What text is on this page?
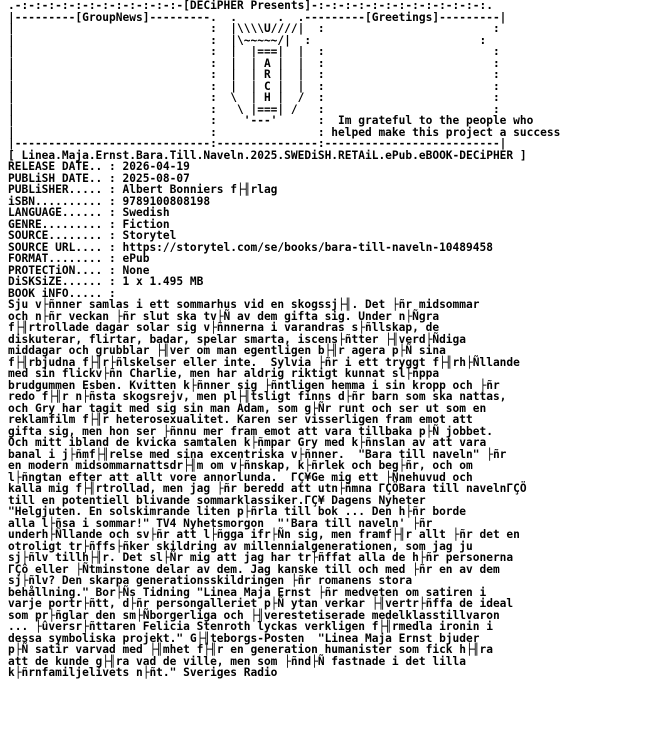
.-:-:-:-:-:-:-:-:-:-:-:-:-[DECiPHER Presents]-:-:-:-:-:-:-:-:-:-:-:-:-:.
|---------[GroupNews]---------.  .      .  .---------[Greetings]---------|
|                             :  |\\\\U////|  :                         :
|                             :  |\~~~~~/|  :                         :
|                             :  |  |===|  |  :                         :
|                             :  |  | A |  |  :                         :
|                             :  |  | R |  |  :                         :
|                             :  |  | C |  |  :                         :
|                             :  \  | H |  /  :                         :
|                             :   \ |===| /   :                         :
|                             :    '---'      :  Im grateful to the people who
|                             :               : helped make this project a success
|-----------------------------:---------------:--------------------------|
[ Linea.Maja.Ernst.Bara.Till.Naveln.2025.SWEDiSH.RETAiL.ePub.eBOOK-DECiPHER ]
RELEASE DATE.. : 2026-04-19
PUBLiSH DATE.. : 2025-08-07
PUBLiSHER..... : Albert Bonniers f├╢rlag
iSBN.......... : 9789100808198
LANGUAGE...... : Swedish
GENRE......... : Fiction
SOURCE........ : Storytel
SOURCE URL.... : https://storytel.com/se/books/bara-till-naveln-10489458
FORMAT........ : ePub
PROTECTiON.... : None
DiSKSiZE...... : 1 x 1.495 MB
BOOK iNFO..... :
Sju v├ñnner samlas i ett sommarhus vid en skogssj├╢. Det ├ñr midsommar
och n├ñr veckan ├ñr slut ska tv├Ñ av dem gifta sig. Under n├Ñgra
f├╢rtrollade dagar solar sig v├ñnnerna i varandras s├ñllskap, de
diskuterar, flirtar, badar, spelar smarta, iscens├ñtter ├╢verd├Ñdiga
middagar och grubblar ├╢ver om man egentligen b├╢r agera p├Ñ sina
f├╢rbjudna f├╢r├ñlskelser eller inte.  Sylvia ├ñr i ett tryggt f├╢rh├Ñllande
med sin flickv├ñn Charlie, men har aldrig riktigt kunnat sl├ñppa
brudgummen Esben. Kvitten k├ñnner sig ├ñntligen hemma i sin kropp och ├ñr
redo f├╢r n├ñsta skogsrejv, men pl├╢tsligt finns d├ñr barn som ska nattas,
och Gry har tagit med sig sin man Adam, som g├Ñr runt och ser ut som en
reklamfilm f├╢r heterosexualitet. Karen ser visserligen fram emot att
gifta sig, men hon ser ├ñnnu mer fram emot att vara tillbaka p├Ñ jobbet.
Och mitt ibland de kvicka samtalen k├ñmpar Gry med k├ñnslan av att vara
banal i j├ñmf├╢relse med sina excentriska v├ñnner.  "Bara till naveln" ├ñr
en modern midsommarnattsdr├╢m om v├ñnskap, k├ñrlek och beg├ñr, och om
l├ñngtan efter att allt vore annorlunda.  ΓÇ¥Ge mig ett ├Ñnehuvud och
kalla mig f├╢rtrollad, men jag ├ñr beredd att utn├ñmna ΓÇÖBara till navelnΓÇÖ
till en potentiell blivande sommarklassiker.ΓÇ¥ Dagens Nyheter
"Helgjuten. En solskimrande liten p├ñrla till bok ... Den h├ñr borde
alla l├ñsa i sommar!" TV4 Nyhetsmorgon  "'Bara till naveln' ├ñr
underh├Ñllande och sv├ñr att l├ñgga ifr├Ñn sig, men framf├╢r allt ├ñr det en
otroligt tr├ñffs├ñker skildring av millennialgenerationen, som jag ju
sj├ñlv tillh├╢r. Det sl├Ñr mig att jag har tr├ñffat alla de h├ñr personerna
ΓÇô eller ├Ñtminstone delar av dem. Jag kanske till och med ├ñr en av dem
sj├ñlv? Den skarpa generationsskildringen ├ñr romanens stora
behållning." Bor├Ñs Tidning "Linea Maja Ernst ├ñr medveten om satiren i
varje portr├ñtt, d├ñr persongalleriet p├Ñ ytan verkar ├╢vertr├ñffa de ideal
som pr├ñglar den sm├Ñborgerliga och ├╢verestetiserade medelklasstillvaron
... ├ûversr├ñttaren Felicia Stenroth lyckas verkligen f├╢rmedla ironin i
dessa symboliska projekt." G├╢teborgs-Posten  "Linea Maja Ernst bjuder
p├Ñ satir varvad med ├╢mhet f├╢r en generation humanister som fick h├╢ra
att de kunde g├╢ra vad de ville, men som ├ñnd├Ñ fastnade i det lilla
k├ñrnfamiljelivets n├ñt." Sveriges Radio
